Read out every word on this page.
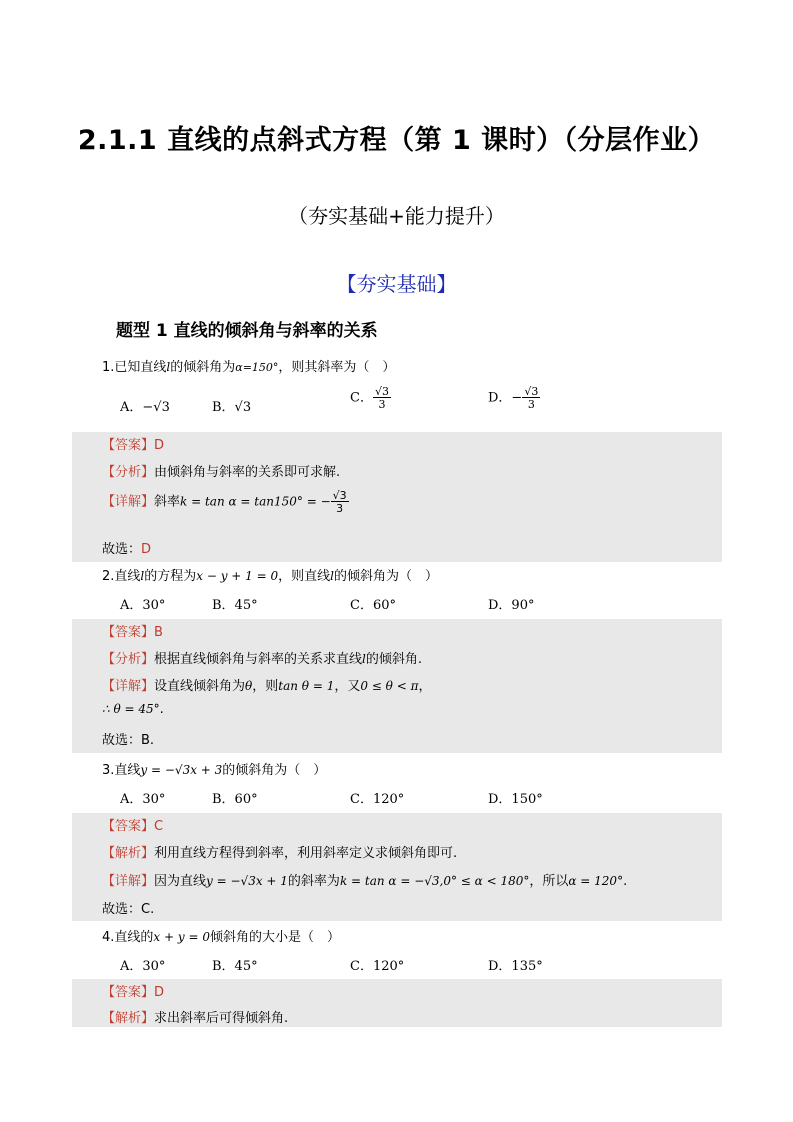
2.1.1 直线的点斜式方程（第 1 课时）（分层作业）
（夯实基础+能力提升）
【夯实基础】
题型 1 直线的倾斜角与斜率的关系
1.已知直线l的倾斜角为α=150°，则其斜率为（　）
A．−√3	B．√3
C． $\frac{√3}{3}$	D．− $\frac{√3}{3}$
【答案】D
【分析】由倾斜角与斜率的关系即可求解.
【详解】斜率k = tan α = tan150° = − $\frac{√3}{3}$
故选：D
2.直线l的方程为x − y + 1 = 0，则直线l的倾斜角为（　）
A．30°	B．45°	C．60°	D．90°
【答案】B
【分析】根据直线倾斜角与斜率的关系求直线l的倾斜角.
【详解】设直线倾斜角为θ，则tan θ = 1，又0 ≤ θ < π，
∴ θ = 45°.
故选：B.
3.直线y = −√3x + 3的倾斜角为（　）
A．30°	B．60°	C．120°	D．150°
【答案】C
【解析】利用直线方程得到斜率，利用斜率定义求倾斜角即可.
【详解】因为直线y = −√3x + 1的斜率为k = tan α = −√3,0° ≤ α < 180°，所以α = 120°.
故选：C.
4.直线的x + y = 0倾斜角的大小是（　）
A．30°	B．45°	C．120°	D．135°
【答案】D
【解析】求出斜率后可得倾斜角.
